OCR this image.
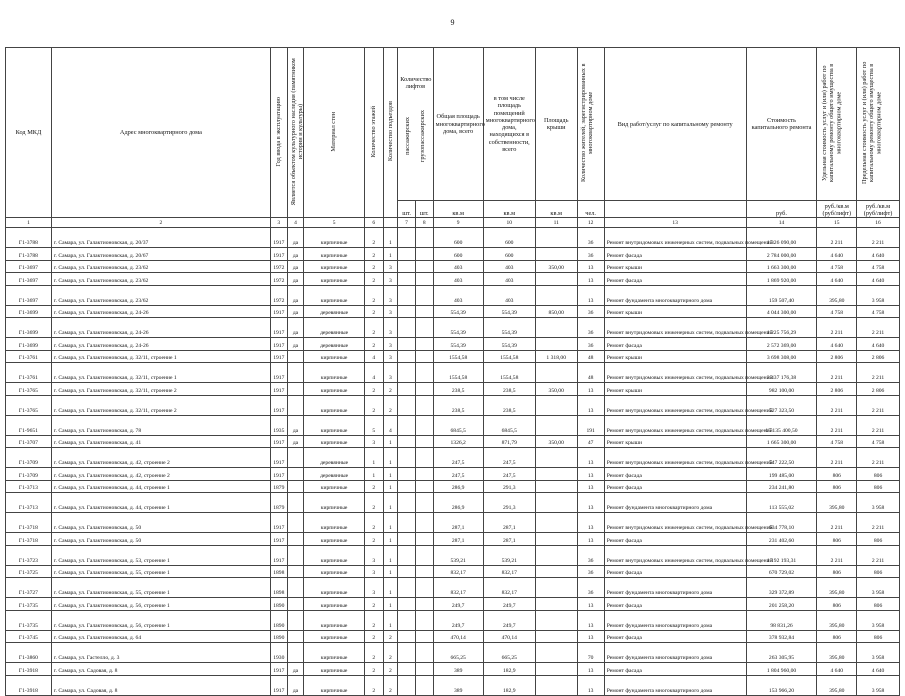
9
Код МКД	Адрес многоквартирного дома	Год ввода в эксплуатацию	Является объектом культурного наследия (памятником истории и культуры)	Материал стен	Количество этажей	Количество подъездов	Количество лифтов
пассажирских грузопассажирских		Общая площадь многоквартирного дома, всего	в том числе площадь помещений многоквартирного дома, находящихся в собственности, всего	Площадь крыши	Количество жителей, зарегистрированных в многоквартирном доме	Вид работ/услуг по капитальному ремонту	Стоимость капитального ремонта	Удельная стоимость услуг и (или) работ по капитальному ремонту общего имущества в многоквартирном доме	Предельная стоимость услуг и (или) работ по капитальному ремонту общего имущества в многоквартирном доме
							шт.	шт.	кв.м	кв.м	кв.м	чел.		руб.	руб./кв.м (руб/лифт)	руб./кв.м (руб/лифт)
1	2	3	4	5	6		7	8	9	10	11	12	13	14	15	16
Г1-3788	г. Самара, ул. Галактионовская, д. 20/37	1917	да	кирпичные	2	1			600	600		36	Ремонт внутридомовых инженерных систем, подвальных помещений	1 326 090,00	2 211	2 211
Г1-3788	г. Самара, ул. Галактионовская, д. 20/67	1917	да	кирпичные	2	1			600	600		36	Ремонт фасада	2 784 000,00	4 640	4 640
Г1-3697	г. Самара, ул. Галактионовская, д. 23/62	1972	да	кирпичные	2	3			403	403	350,00	13	Ремонт крыши	1 663 300,00	4 758	4 758
Г1-3697	г. Самара, ул. Галактионовская, д. 23/62	1972	да	кирпичные	2	3			403	403		13	Ремонт фасада	1 869 920,00	4 640	4 640
Г1-3697	г. Самара, ул. Галактионовская, д. 23/62	1972	да	кирпичные	2	3			403	403		13	Ремонт фундамента многоквартирного дома	159 507,40	395,80	3 958
Г1-3699	г. Самара, ул. Галактионовская, д. 24-26	1917	да	деревянные	2	3			554,39	554,39	850,00	36	Ремонт крыши	4 044 300,00	4 758	4 758
Г1-3699	г. Самара, ул. Галактионовская, д. 24-26	1917	да	деревянные	2	3			554,39	554,39		36	Ремонт внутридомовых инженерных систем, подвальных помещений	1 225 756,29	2 211	2 211
Г1-3699	г. Самара, ул. Галактионовская, д. 24-26	1917	да	деревянные	2	3			554,39	554,39		36	Ремонт фасада	2 572 369,00	4 640	4 640
Г1-3761	г. Самара, ул. Галактионовская, д. 32/11, строение 1	1917		кирпичные	4	3			1554,58	1554,58	1 318,00	48	Ремонт крыши	3 698 308,00	2 806	2 806
Г1-3761	г. Самара, ул. Галактионовская, д. 32/11, строение 1	1917		кирпичные	4	3			1554,58	1554,58		48	Ремонт внутридомовых инженерных систем, подвальных помещений	3 437 176,38	2 211	2 211
Г1-3765	г. Самара, ул. Галактионовская, д. 32/11, строение 2	1917		кирпичные	2	2			238,5	238,5	350,00	13	Ремонт крыши	982 100,00	2 806	2 806
Г1-3765	г. Самара, ул. Галактионовская, д. 32/11, строение 2	1917		кирпичные	2	2			238,5	238,5		13	Ремонт внутридомовых инженерных систем, подвальных помещений	527 323,50	2 211	2 211
Г1-9651	г. Самара, ул. Галактионовская, д. 78	1935	да	кирпичные	5	4			6845,5	6845,5		191	Ремонт внутридомовых инженерных систем, подвальных помещений	15 135 400,50	2 211	2 211
Г1-3707	г. Самара, ул. Галактионовская, д. 41	1917	да	кирпичные	3	1			1326,2	871,79	350,00	47	Ремонт крыши	1 665 300,00	4 758	4 758
Г1-3709	г. Самара, ул. Галактионовская, д. 42, строение 2	1917		деревянные	1	1			247,5	247,5		13	Ремонт внутридомовых инженерных систем, подвальных помещений	547 222,50	2 211	2 211
Г1-3709	г. Самара, ул. Галактионовская, д. 42, строение 2	1917		деревянные	1	1			247,5	247,5		13	Ремонт фасада	199 485,00	806	806
Г1-3713	г. Самара, ул. Галактионовская, д. 44, строение 1	1879		кирпичные	2	1			286,9	291,3		13	Ремонт фасада	234 241,80	806	806
Г1-3713	г. Самара, ул. Галактионовская, д. 44, строение 1	1879		кирпичные	2	1			286,9	291,3		13	Ремонт фундамента многоквартирного дома	113 555,02	395,80	3 958
Г1-3718	г. Самара, ул. Галактионовская, д. 50	1917		кирпичные	2	1			287,1	287,1		13	Ремонт внутридомовых инженерных систем, подвальных помещений	634 778,10	2 211	2 211
Г1-3718	г. Самара, ул. Галактионовская, д. 50	1917		кирпичные	2	1			287,1	287,1		13	Ремонт фасада	231 402,60	806	806
Г1-3723	г. Самара, ул. Галактионовская, д. 53, строение 1	1917		кирпичные	3	1			539,21	539,21		36	Ремонт внутридомовых инженерных систем, подвальных помещений	1 192 193,31	2 211	2 211
Г1-3725	г. Самара, ул. Галактионовская, д. 55, строение 1	1898		кирпичные	3	1			832,17	832,17		36	Ремонт фасада	670 729,02	806	806
Г1-3727	г. Самара, ул. Галактионовская, д. 55, строение 1	1898		кирпичные	3	1			832,17	832,17		36	Ремонт фундамента многоквартирного дома	329 372,89	395,80	3 958
Г1-3735	г. Самара, ул. Галактионовская, д. 56, строение 1	1890		кирпичные	2	1			249,7	249,7		13	Ремонт фасада	201 258,20	806	806
Г1-3735	г. Самара, ул. Галактионовская, д. 56, строение 1	1890		кирпичные	2	1			249,7	249,7		13	Ремонт фундамента многоквартирного дома	98 831,26	395,80	3 958
Г1-3745	г. Самара, ул. Галактионовская, д. 64	1890		кирпичные	2	2			470,14	470,14		13	Ремонт фасада	378 932,84	806	806
Г1-3860	г. Самара, ул. Гастелло, д. 3	1930		кирпичные	2	2			665,25	665,25		70	Ремонт фундамента многоквартирного дома	263 305,95	395,80	3 958
Г1-3918	г. Самара, ул. Садовая, д. 8	1917	да	кирпичные	2	2			389	182,9		13	Ремонт фасада	1 804 960,00	4 640	4 640
Г1-3918	г. Самара, ул. Садовая, д. 8	1917	да	кирпичные	2	2			389	182,9		13	Ремонт фундамента многоквартирного дома	153 966,20	395,80	3 958
